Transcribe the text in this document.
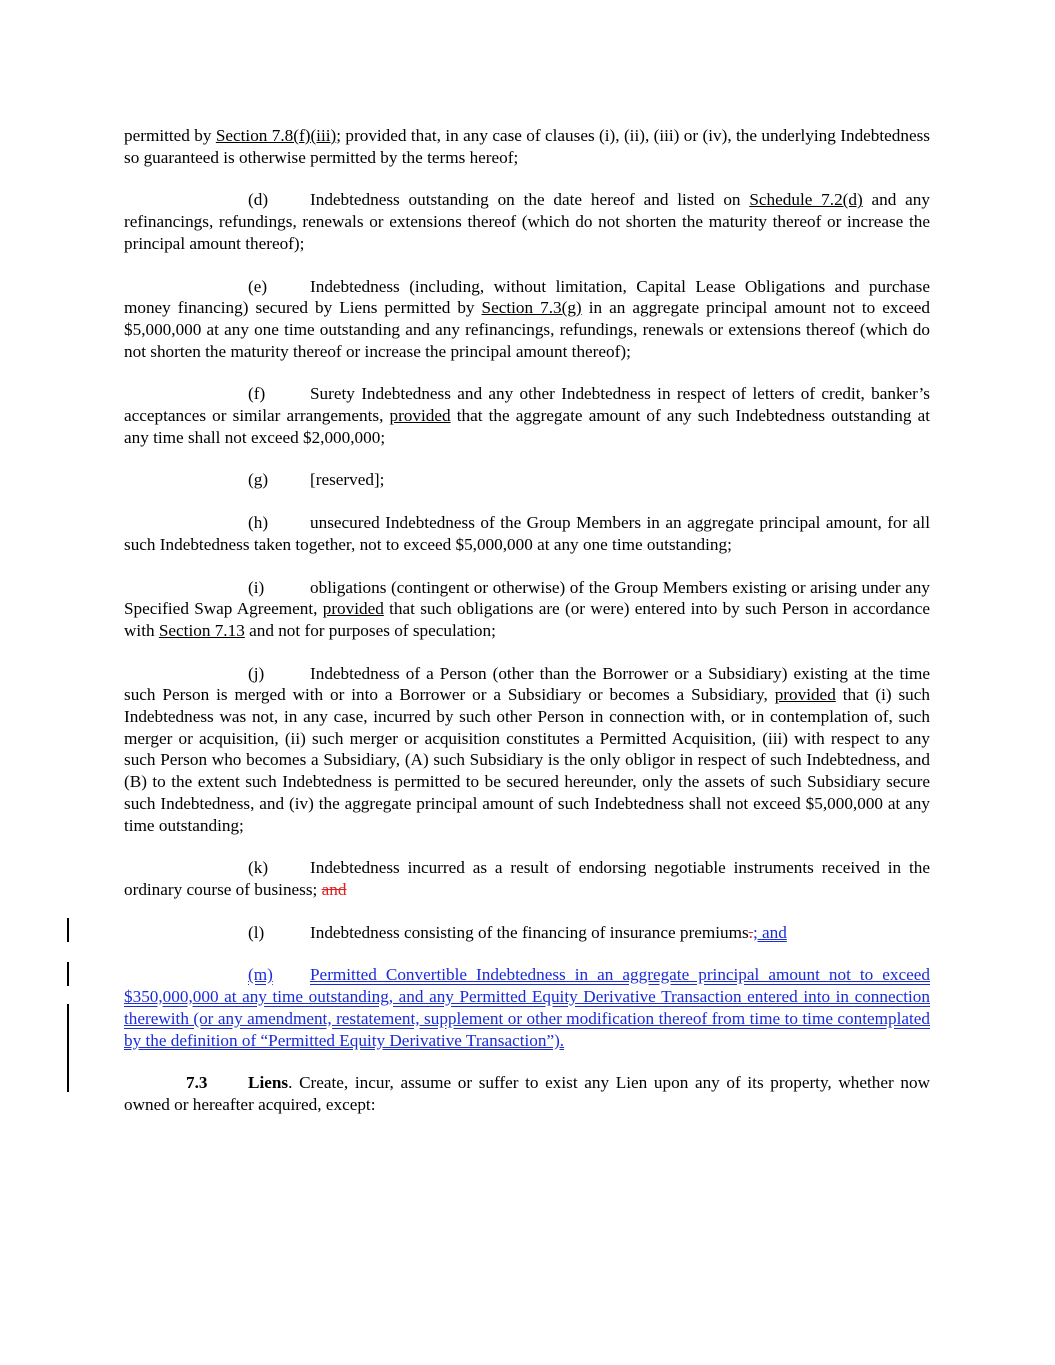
permitted by Section 7.8(f)(iii); provided that, in any case of clauses (i), (ii), (iii) or (iv), the underlying Indebtedness so guaranteed is otherwise permitted by the terms hereof;

(d) Indebtedness outstanding on the date hereof and listed on Schedule 7.2(d) and any refinancings, refundings, renewals or extensions thereof (which do not shorten the maturity thereof or increase the principal amount thereof);

(e) Indebtedness (including, without limitation, Capital Lease Obligations and purchase money financing) secured by Liens permitted by Section 7.3(g) in an aggregate principal amount not to exceed $5,000,000 at any one time outstanding and any refinancings, refundings, renewals or extensions thereof (which do not shorten the maturity thereof or increase the principal amount thereof);

(f)	Surety Indebtedness and any other Indebtedness in respect of letters of credit, banker’s acceptances or similar arrangements, provided that the aggregate amount of any such Indebtedness outstanding at any time shall not exceed $2,000,000;

(g) [reserved];

(h) unsecured Indebtedness of the Group Members in an aggregate principal amount, for all such Indebtedness taken together, not to exceed $5,000,000 at any one time outstanding;

(i)	obligations (contingent or otherwise) of the Group Members existing or arising under any Specified Swap Agreement, provided that such obligations are (or were) entered into by such Person in accordance with Section 7.13 and not for purposes of speculation;

(j)	Indebtedness of a Person (other than the Borrower or a Subsidiary) existing at the time such Person is merged with or into a Borrower or a Subsidiary or becomes a Subsidiary, provided that (i) such Indebtedness was not, in any case, incurred by such other Person in connection with, or in contemplation of, such merger or acquisition, (ii) such merger or acquisition constitutes a Permitted Acquisition, (iii) with respect to any such Person who becomes a Subsidiary, (A) such Subsidiary is the only obligor in respect of such Indebtedness, and (B) to the extent such Indebtedness is permitted to be secured hereunder, only the assets of such Subsidiary secure such Indebtedness, and (iv) the aggregate principal amount of such Indebtedness shall not exceed $5,000,000 at any time outstanding;

(k) Indebtedness incurred as a result of endorsing negotiable instruments received in the ordinary course of business; and

(l)	Indebtedness consisting of the financing of insurance premiums.; and

(m) Permitted Convertible Indebtedness in an aggregate principal amount not to exceed $350,000,000 at any time outstanding, and any Permitted Equity Derivative Transaction entered into in connection therewith (or any amendment, restatement, supplement or other modification thereof from time to time contemplated by the definition of “Permitted Equity Derivative Transaction”).

7.3 Liens. Create, incur, assume or suffer to exist any Lien upon any of its property, whether now owned or hereafter acquired, except:
